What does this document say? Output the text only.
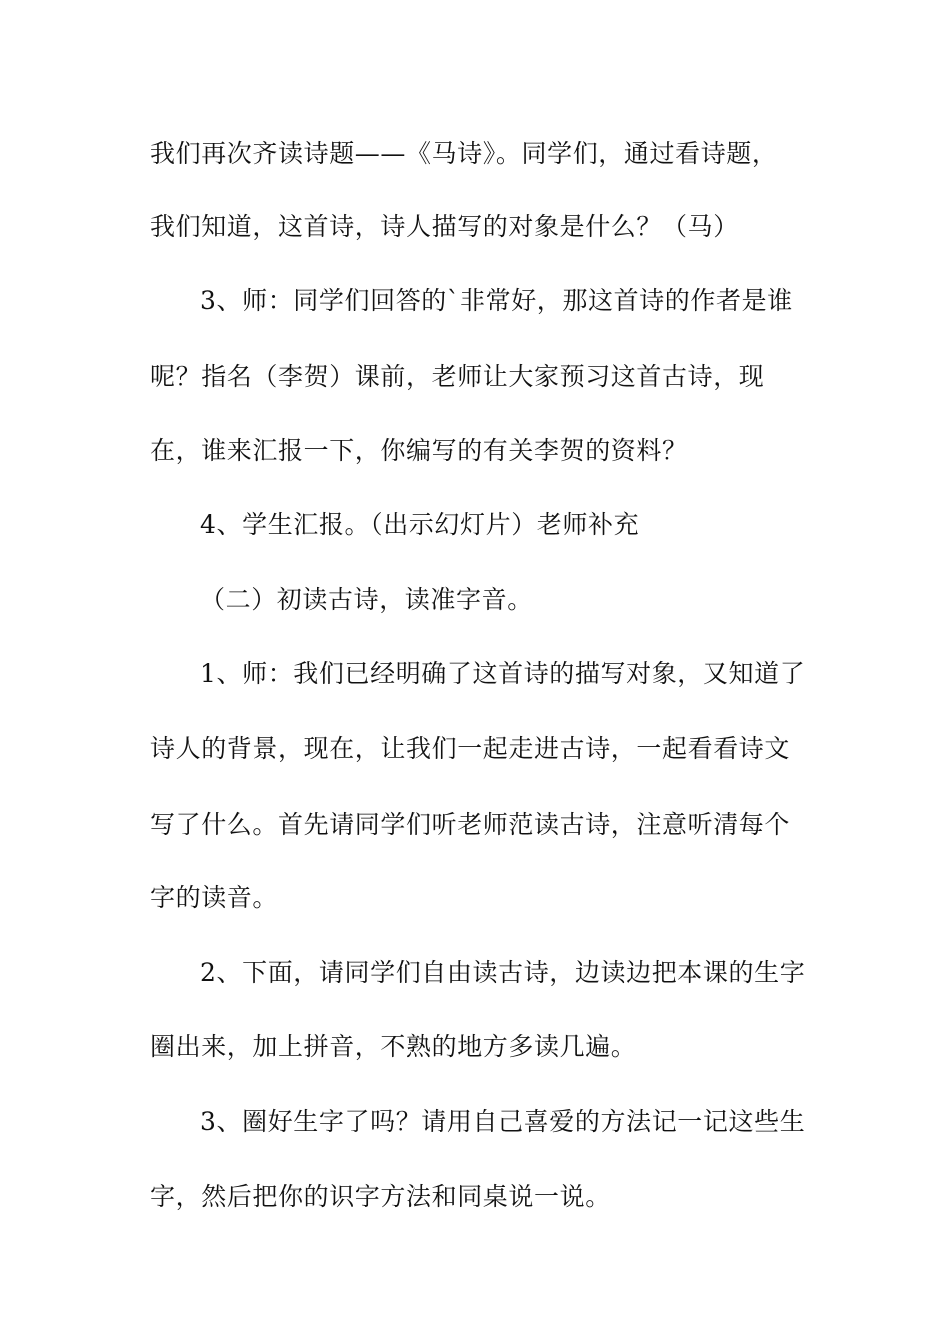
我们再次齐读诗题——《马诗》。同学们，通过看诗题，
我们知道，这首诗，诗人描写的对象是什么？（马）
3、师：同学们回答的`非常好，那这首诗的作者是谁
呢？指名（李贺）课前，老师让大家预习这首古诗，现
在，谁来汇报一下，你编写的有关李贺的资料？
4、学生汇报。（出示幻灯片）老师补充
（二）初读古诗，读准字音。
1、师：我们已经明确了这首诗的描写对象，又知道了
诗人的背景，现在，让我们一起走进古诗，一起看看诗文
写了什么。首先请同学们听老师范读古诗，注意听清每个
字的读音。
2、下面，请同学们自由读古诗，边读边把本课的生字
圈出来，加上拼音，不熟的地方多读几遍。
3、圈好生字了吗？请用自己喜爱的方法记一记这些生
字，然后把你的识字方法和同桌说一说。
